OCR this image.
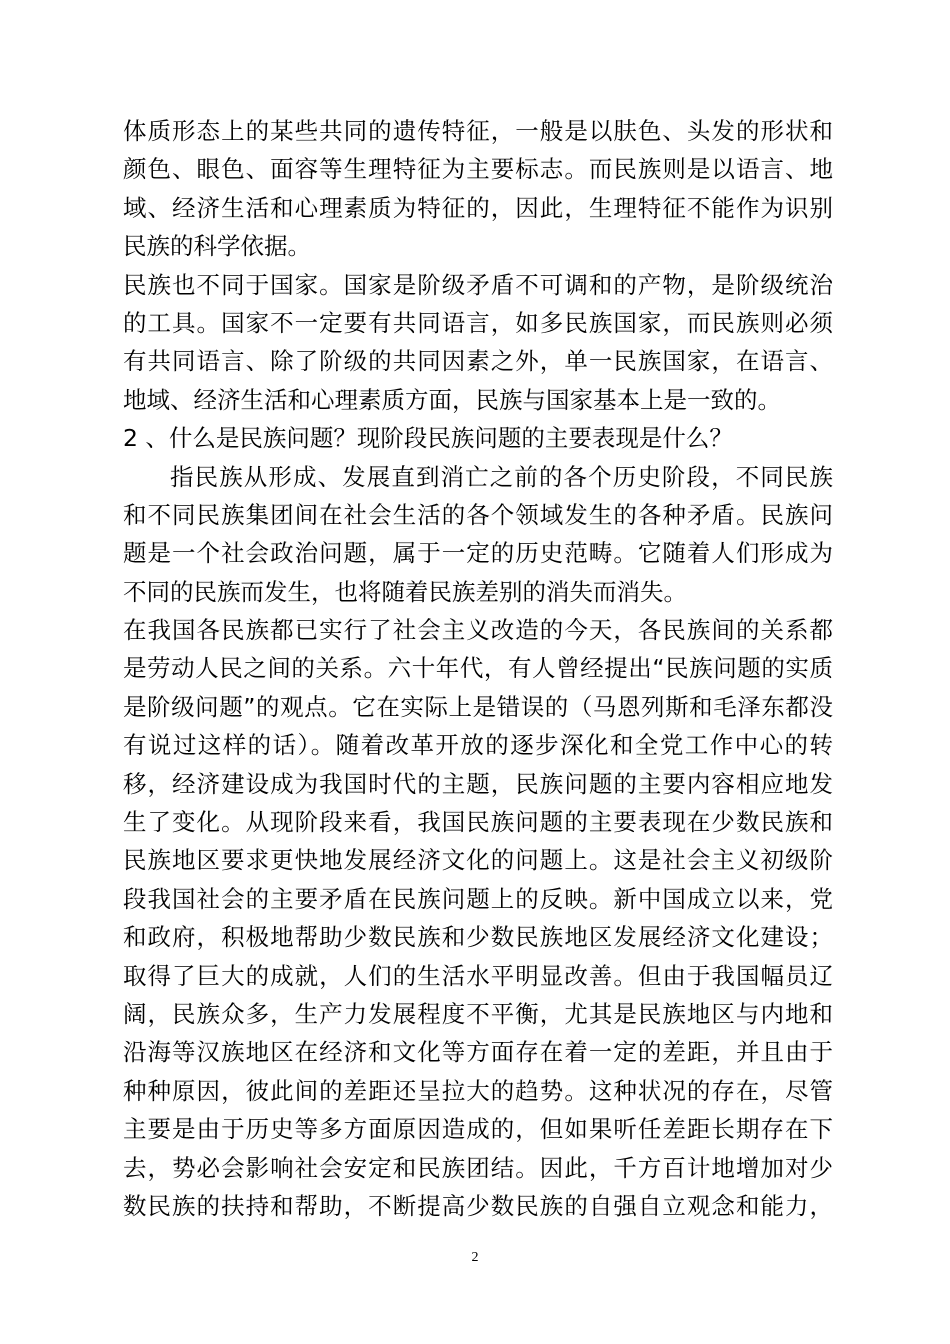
体质形态上的某些共同的遗传特征，一般是以肤色、头发的形状和
颜色、眼色、面容等生理特征为主要标志。而民族则是以语言、地
域、经济生活和心理素质为特征的，因此，生理特征不能作为识别
民族的科学依据。
民族也不同于国家。国家是阶级矛盾不可调和的产物，是阶级统治
的工具。国家不一定要有共同语言，如多民族国家，而民族则必须
有共同语言、除了阶级的共同因素之外，单一民族国家，在语言、
地域、经济生活和心理素质方面，民族与国家基本上是一致的。
2 、什么是民族问题？现阶段民族问题的主要表现是什么？
指民族从形成、发展直到消亡之前的各个历史阶段，不同民族
和不同民族集团间在社会生活的各个领域发生的各种矛盾。民族问
题是一个社会政治问题，属于一定的历史范畴。它随着人们形成为
不同的民族而发生，也将随着民族差别的消失而消失。
在我国各民族都已实行了社会主义改造的今天，各民族间的关系都
是劳动人民之间的关系。六十年代，有人曾经提出“民族问题的实质
是阶级问题”的观点。它在实际上是错误的（马恩列斯和毛泽东都没
有说过这样的话）。随着改革开放的逐步深化和全党工作中心的转
移，经济建设成为我国时代的主题，民族问题的主要内容相应地发
生了变化。从现阶段来看，我国民族问题的主要表现在少数民族和
民族地区要求更快地发展经济文化的问题上。这是社会主义初级阶
段我国社会的主要矛盾在民族问题上的反映。新中国成立以来，党
和政府，积极地帮助少数民族和少数民族地区发展经济文化建设；
取得了巨大的成就，人们的生活水平明显改善。但由于我国幅员辽
阔，民族众多，生产力发展程度不平衡，尤其是民族地区与内地和
沿海等汉族地区在经济和文化等方面存在着一定的差距，并且由于
种种原因，彼此间的差距还呈拉大的趋势。这种状况的存在，尽管
主要是由于历史等多方面原因造成的，但如果听任差距长期存在下
去，势必会影响社会安定和民族团结。因此，千方百计地增加对少
数民族的扶持和帮助，不断提高少数民族的自强自立观念和能力，
2
